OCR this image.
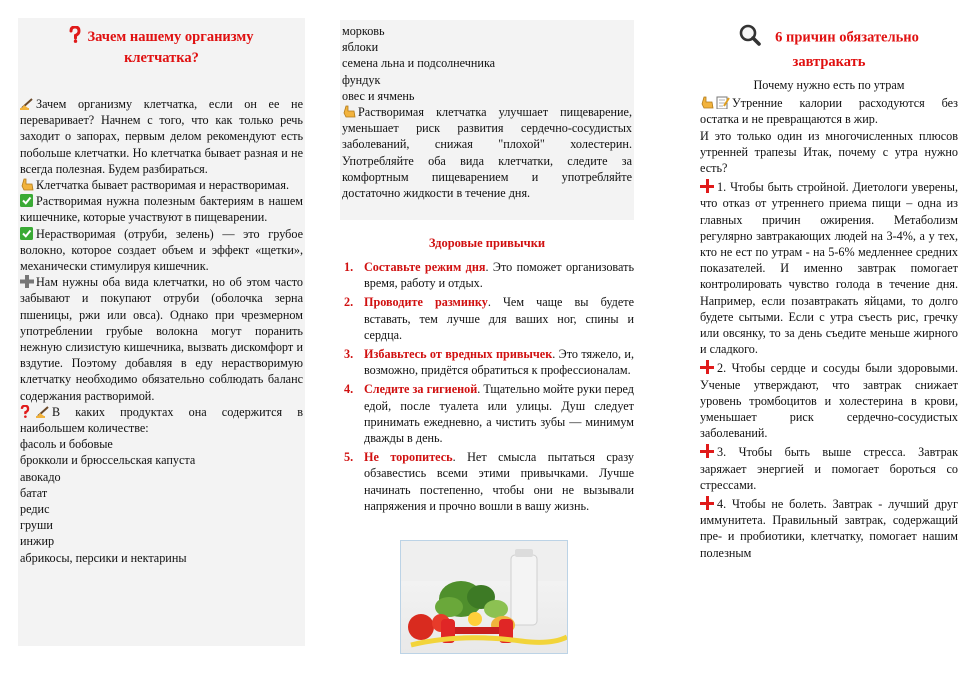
Зачем нашему организму клетчатка?

Зачем организму клетчатка, если он ее не переваривает? Начнем с того, что как только речь заходит о запорах, первым делом рекомендуют есть побольше клетчатки. Но клетчатка бывает разная и не всегда полезная. Будем разбираться.

Клетчатка бывает растворимая и нерастворимая.

Растворимая нужна полезным бактериям в нашем кишечнике, которые участвуют в пищеварении.

Нерастворимая (отруби, зелень) — это грубое волокно, которое создает объем и эффект «щетки», механически стимулируя кишечник.

Нам нужны оба вида клетчатки, но об этом часто забывают и покупают отруби (оболочка зерна пшеницы, ржи или овса). Однако при чрезмерном употреблении грубые волокна могут поранить нежную слизистую кишечника, вызвать дискомфорт и вздутие. Поэтому добавляя в еду нерастворимую клетчатку необходимо обязательно соблюдать баланс содержания растворимой.

В каких продуктах она содержится в наибольшем количестве:

фасоль и бобовые

брокколи и брюссельская капуста

авокадо

батат

редис

груши

инжир

абрикосы, персики и нектарины

морковь

яблоки

семена льна и подсолнечника

фундук

овес и ячмень

Растворимая клетчатка улучшает пищеварение, уменьшает риск развития сердечно-сосудистых заболеваний, снижая "плохой" холестерин. Употребляйте оба вида клетчатки, следите за комфортным пищеварением и употребляйте достаточно жидкости в течение дня.

Здоровые привычки
1. Составьте режим дня. Это поможет организовать время, работу и отдых.
2. Проводите разминку. Чем чаще вы будете вставать, тем лучше для ваших ног, спины и сердца.
3. Избавьтесь от вредных привычек. Это тяжело, и, возможно, придётся обратиться к профессионалам.
4. Следите за гигиеной. Тщательно мойте руки перед едой, после туалета или улицы. Душ следует принимать ежедневно, а чистить зубы — минимум дважды в день.
5. Не торопитесь. Нет смысла пытаться сразу обзавестись всеми этими привычками. Лучше начинать постепенно, чтобы они не вызывали напряжения и прочно вошли в вашу жизнь.
6 причин обязательно завтракать

Почему нужно есть по утрам

Утренние калории расходуются без остатка и не превращаются в жир.

И это только один из многочисленных плюсов утренней трапезы Итак, почему с утра нужно есть?

1. Чтобы быть стройной. Диетологи уверены, что отказ от утреннего приема пищи – одна из главных причин ожирения. Метаболизм регулярно завтракающих людей на 3-4%, а у тех, кто не ест по утрам - на 5-6% медленнее средних показателей. И именно завтрак помогает контролировать чувство голода в течение дня. Например, если позавтракать яйцами, то долго будете сытыми. Если с утра съесть рис, гречку или овсянку, то за день съедите меньше жирного и сладкого.

2. Чтобы сердце и сосуды были здоровыми. Ученые утверждают, что завтрак снижает уровень тромбоцитов и холестерина в крови, уменьшает риск сердечно-сосудистых заболеваний.

3. Чтобы быть выше стресса. Завтрак заряжает энергией и помогает бороться со стрессами.

4. Чтобы не болеть. Завтрак - лучший друг иммунитета. Правильный завтрак, содержащий пре- и пробиотики, клетчатку, помогает нашим полезным
